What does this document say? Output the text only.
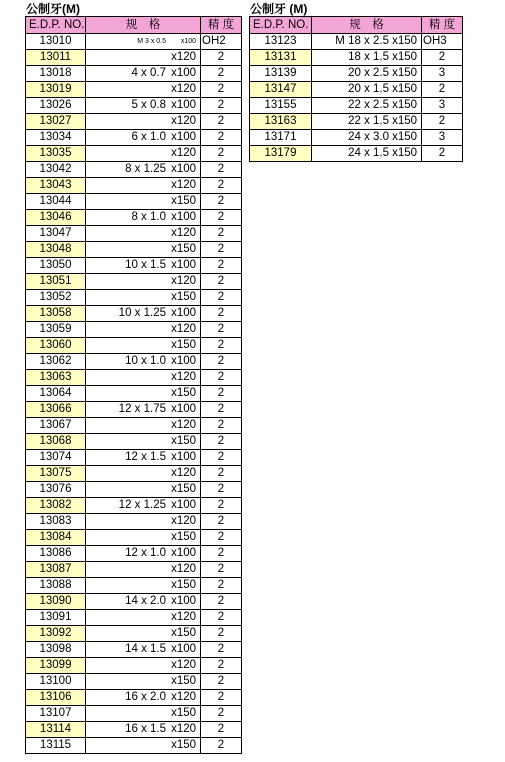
公制牙(M)
E.D.P. NO.	规　格	精 度
13010	M 3 x 0.5 x100	OH2
13011	x120	2
13018	4 x 0.7 x100	2
13019	x120	2
13026	5 x 0.8 x100	2
13027	x120	2
13034	6 x 1.0 x100	2
13035	x120	2
13042	8 x 1.25 x100	2
13043	x120	2
13044	x150	2
13046	8 x 1.0 x100	2
13047	x120	2
13048	x150	2
13050	10 x 1.5 x100	2
13051	x120	2
13052	x150	2
13058	10 x 1.25 x100	2
13059	x120	2
13060	x150	2
13062	10 x 1.0 x100	2
13063	x120	2
13064	x150	2
13066	12 x 1.75 x100	2
13067	x120	2
13068	x150	2
13074	12 x 1.5 x100	2
13075	x120	2
13076	x150	2
13082	12 x 1.25 x100	2
13083	x120	2
13084	x150	2
13086	12 x 1.0 x100	2
13087	x120	2
13088	x150	2
13090	14 x 2.0 x100	2
13091	x120	2
13092	x150	2
13098	14 x 1.5 x100	2
13099	x120	2
13100	x150	2
13106	16 x 2.0 x120	2
13107	x150	2
13114	16 x 1.5 x120	2
13115	x150	2
公制牙 (M)
E.D.P. NO.	规　格	精 度
13123	M 18 x 2.5 x150	OH3
13131	18 x 1.5 x150	2
13139	20 x 2.5 x150	3
13147	20 x 1.5 x150	2
13155	22 x 2.5 x150	3
13163	22 x 1.5 x150	2
13171	24 x 3.0 x150	3
13179	24 x 1.5 x150	2
